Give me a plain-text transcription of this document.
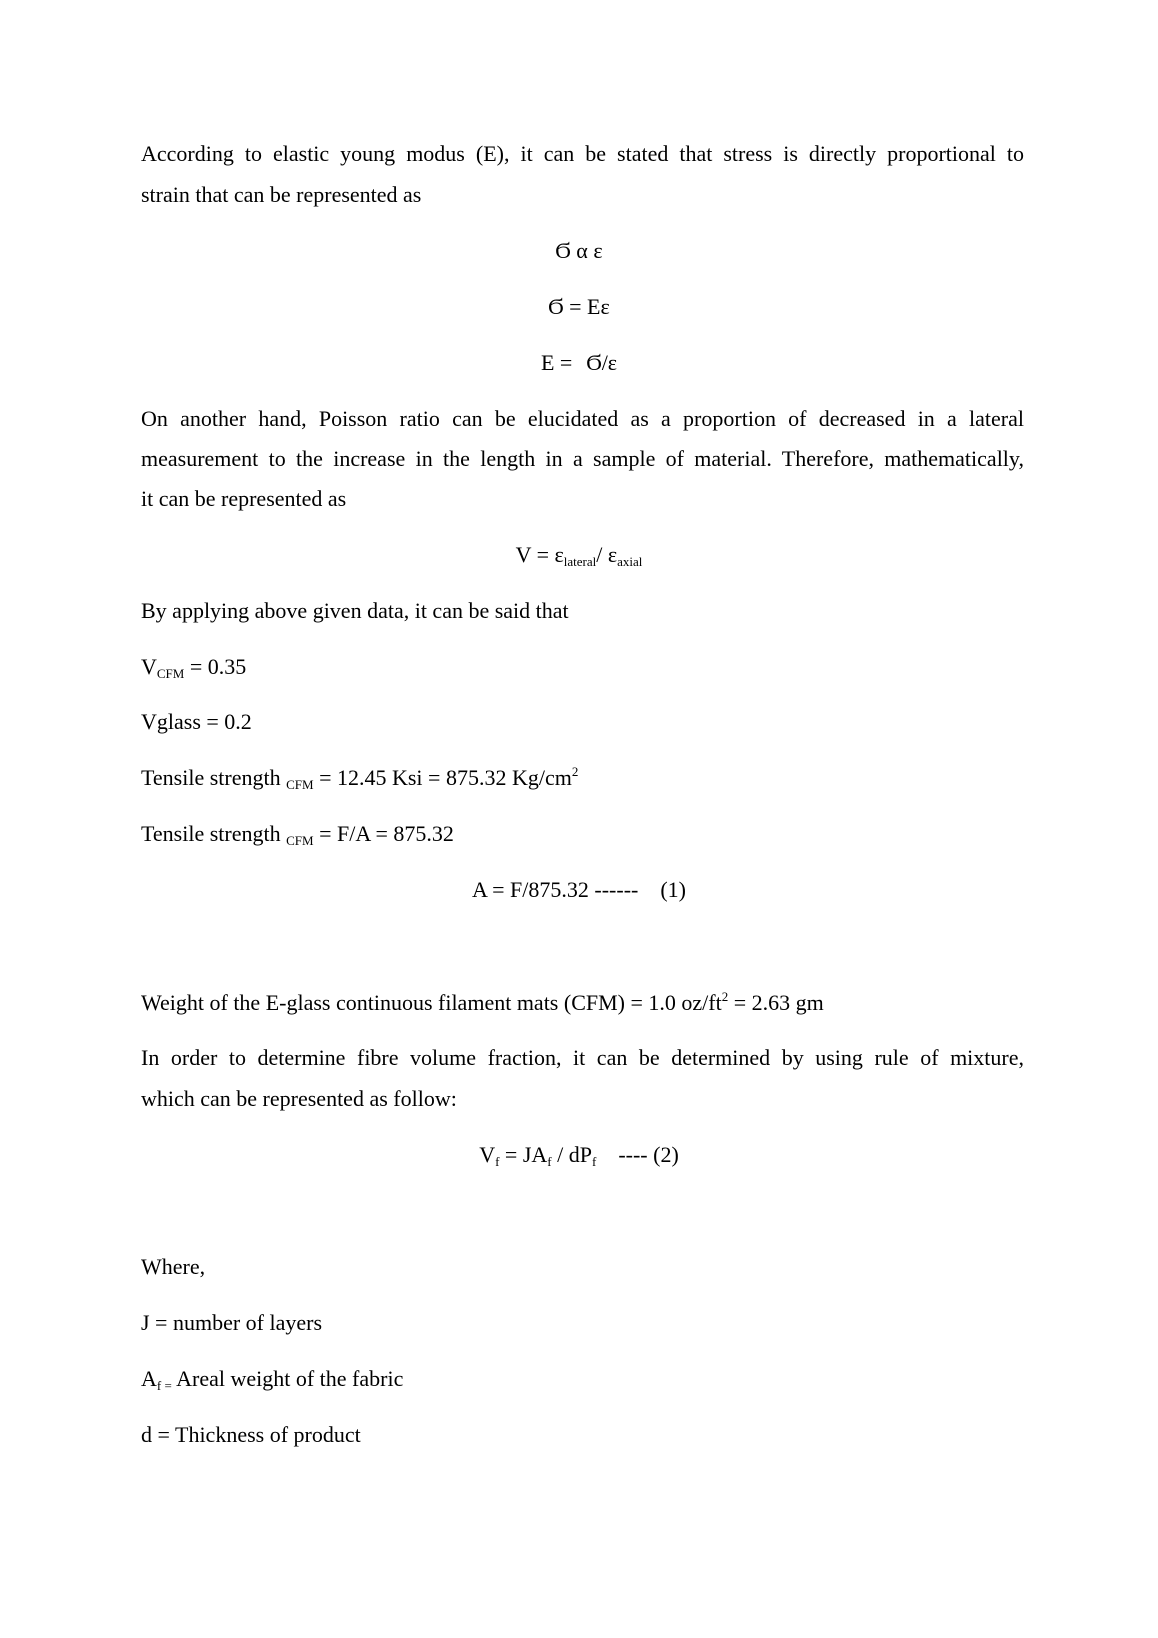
According to elastic young modus (E), it can be stated that stress is directly proportional to
strain that can be represented as
Ϭ α ε
Ϭ = Eε
E = Ϭ/ε
On another hand, Poisson ratio can be elucidated as a proportion of decreased in a lateral
measurement to the increase in the length in a sample of material. Therefore, mathematically,
it can be represented as
$V = \varepsilon_{lateral}/$ $\varepsilon_{axial}$
By applying above given data, it can be said that
$V_{CFM} = 0.35$
Vglass = 0.2
Tensile strength $_{CFM}$ = 12.45 Ksi = 875.32 $Kg/cm^2$
Tensile strength $_{CFM}$ = F/A = 875.32
A = F/875.32 ------ (1)
Weight of the E-glass continuous filament mats (CFM) = 1.0 $oz/ft^2 = 2.63$ gm
In order to determine fibre volume fraction, it can be determined by using rule of mixture,
which can be represented as follow:
$V_f = JA_f / dP_f$ ---- (2)
Where,
J = number of layers
$A_{f =}$ Areal weight of the fabric
d = Thickness of product
